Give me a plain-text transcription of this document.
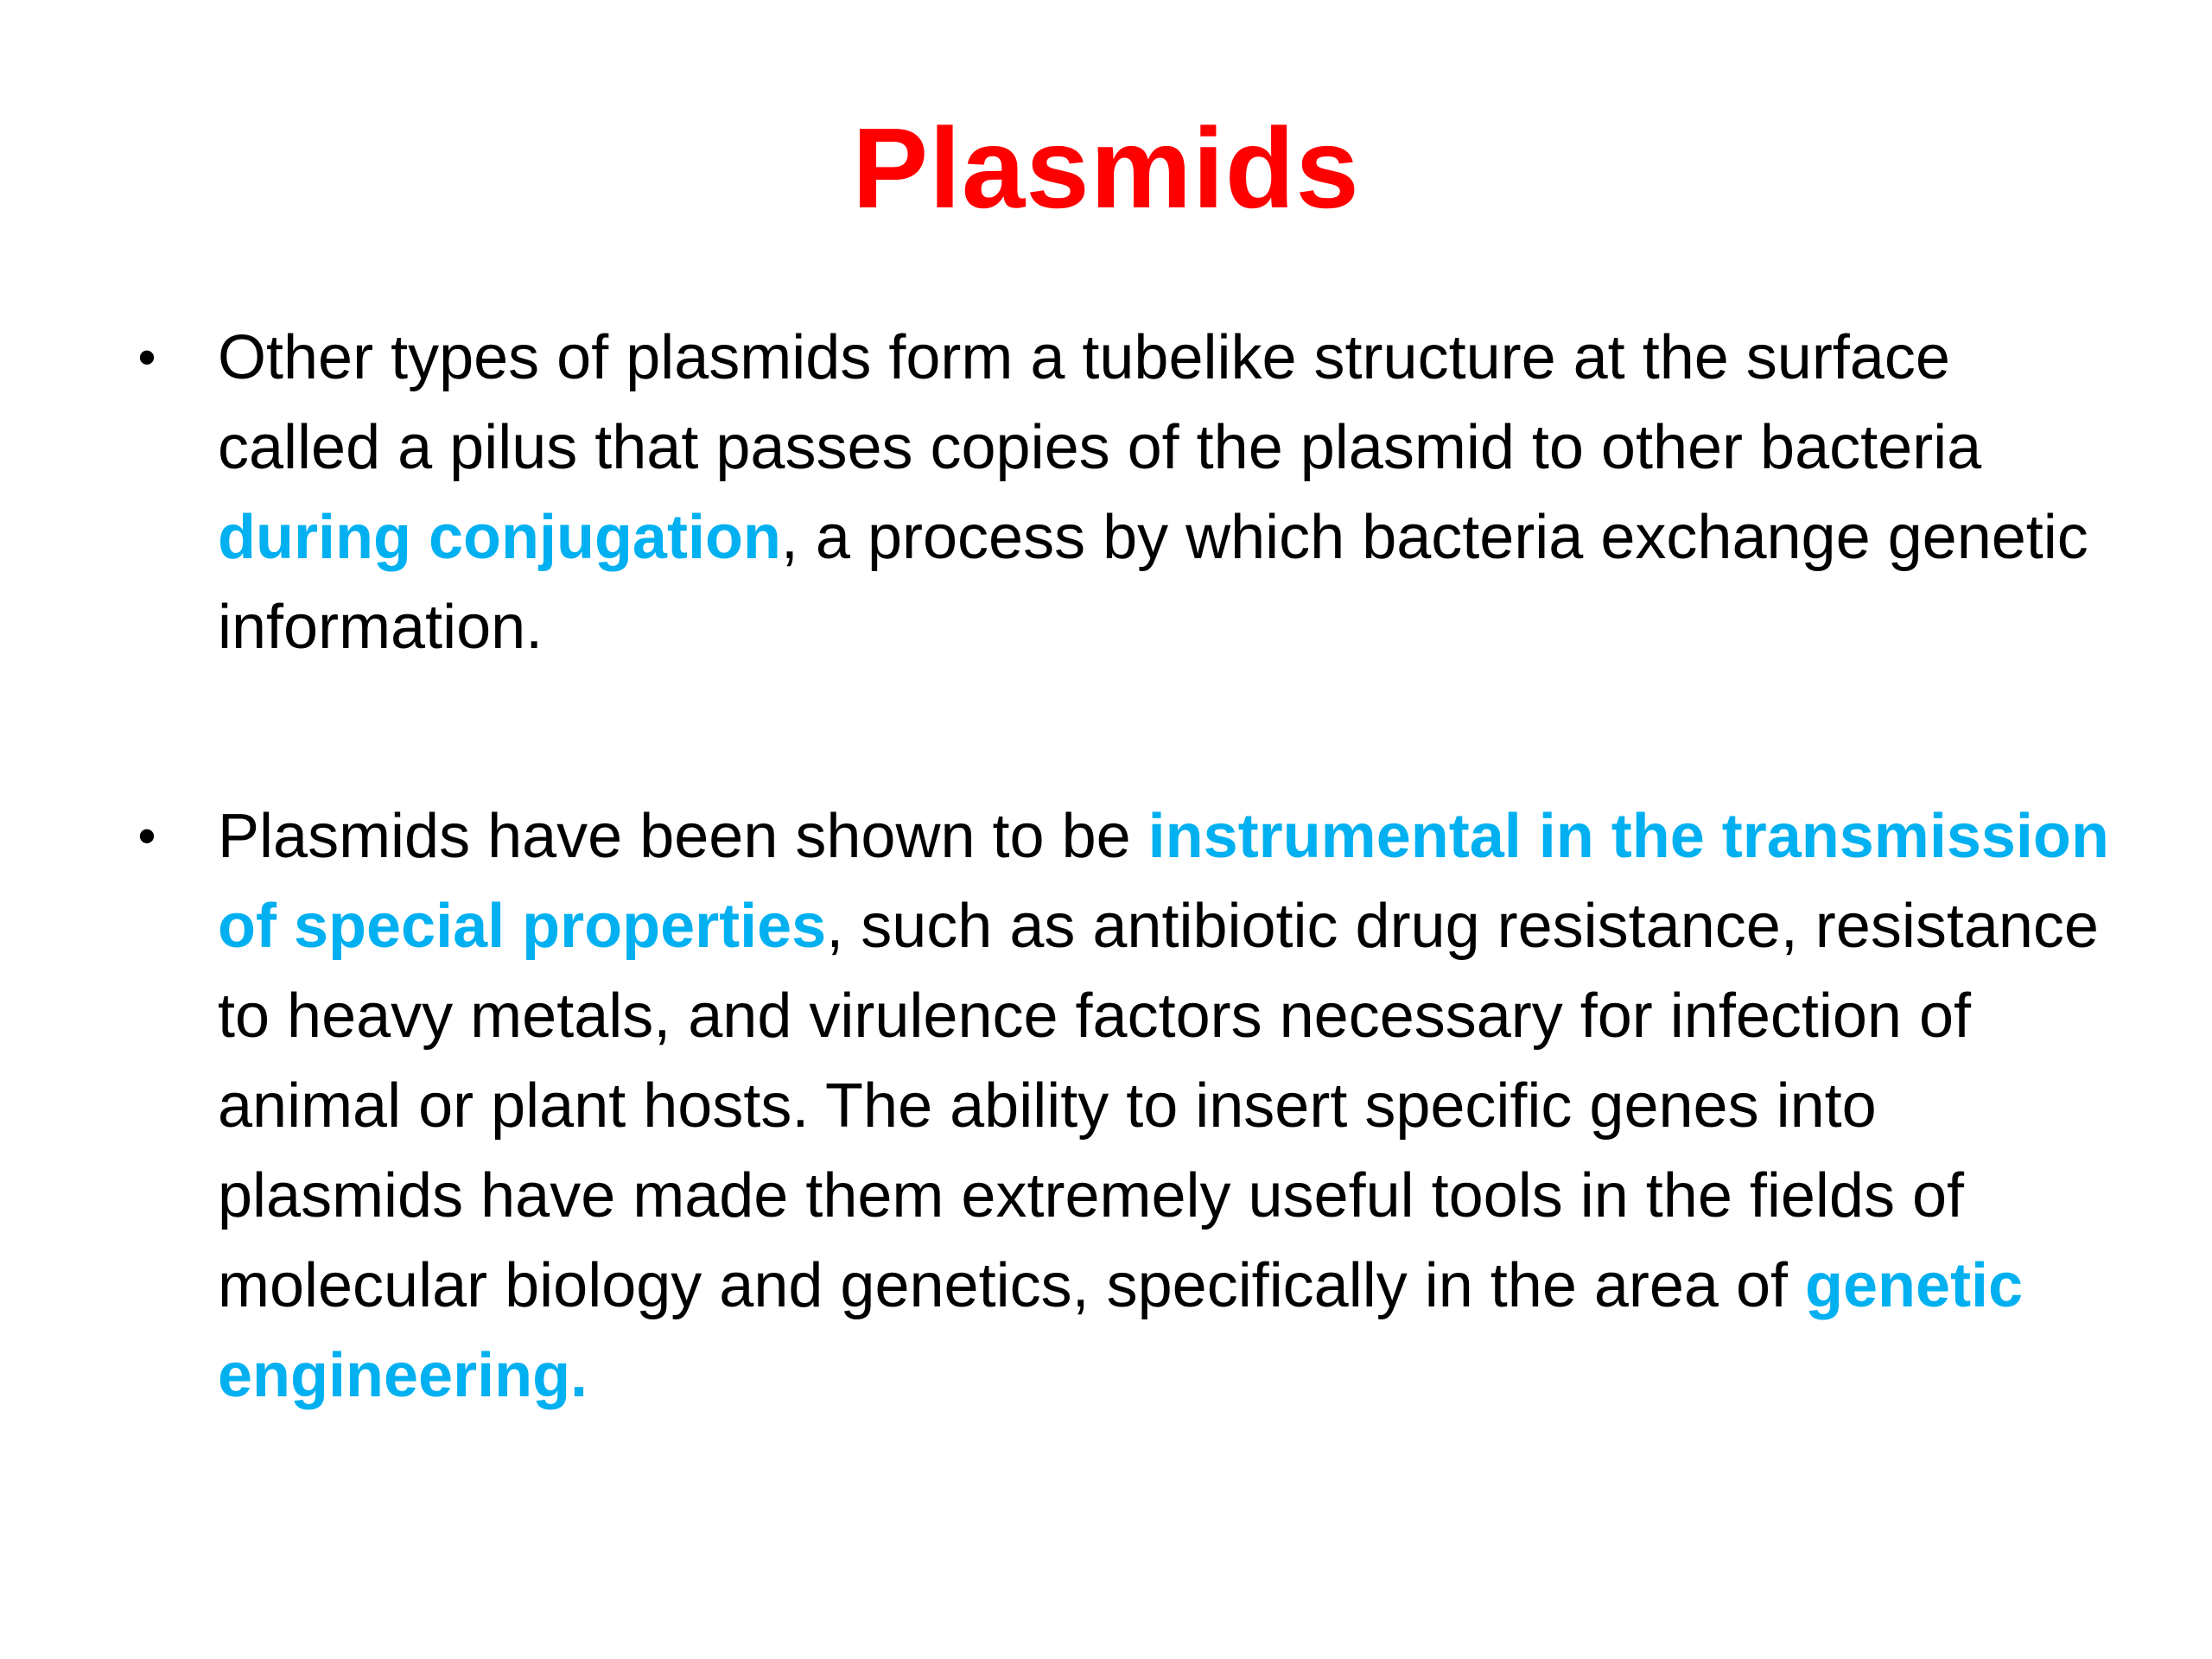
Plasmids
• Other types of plasmids form a tubelike structure at the surface called a pilus that passes copies of the plasmid to other bacteria during conjugation, a process by which bacteria exchange genetic information.
• Plasmids have been shown to be instrumental in the transmission of special properties, such as antibiotic drug resistance, resistance to heavy metals, and virulence factors necessary for infection of animal or plant hosts. The ability to insert specific genes into plasmids have made them extremely useful tools in the fields of molecular biology and genetics, specifically in the area of genetic engineering.
